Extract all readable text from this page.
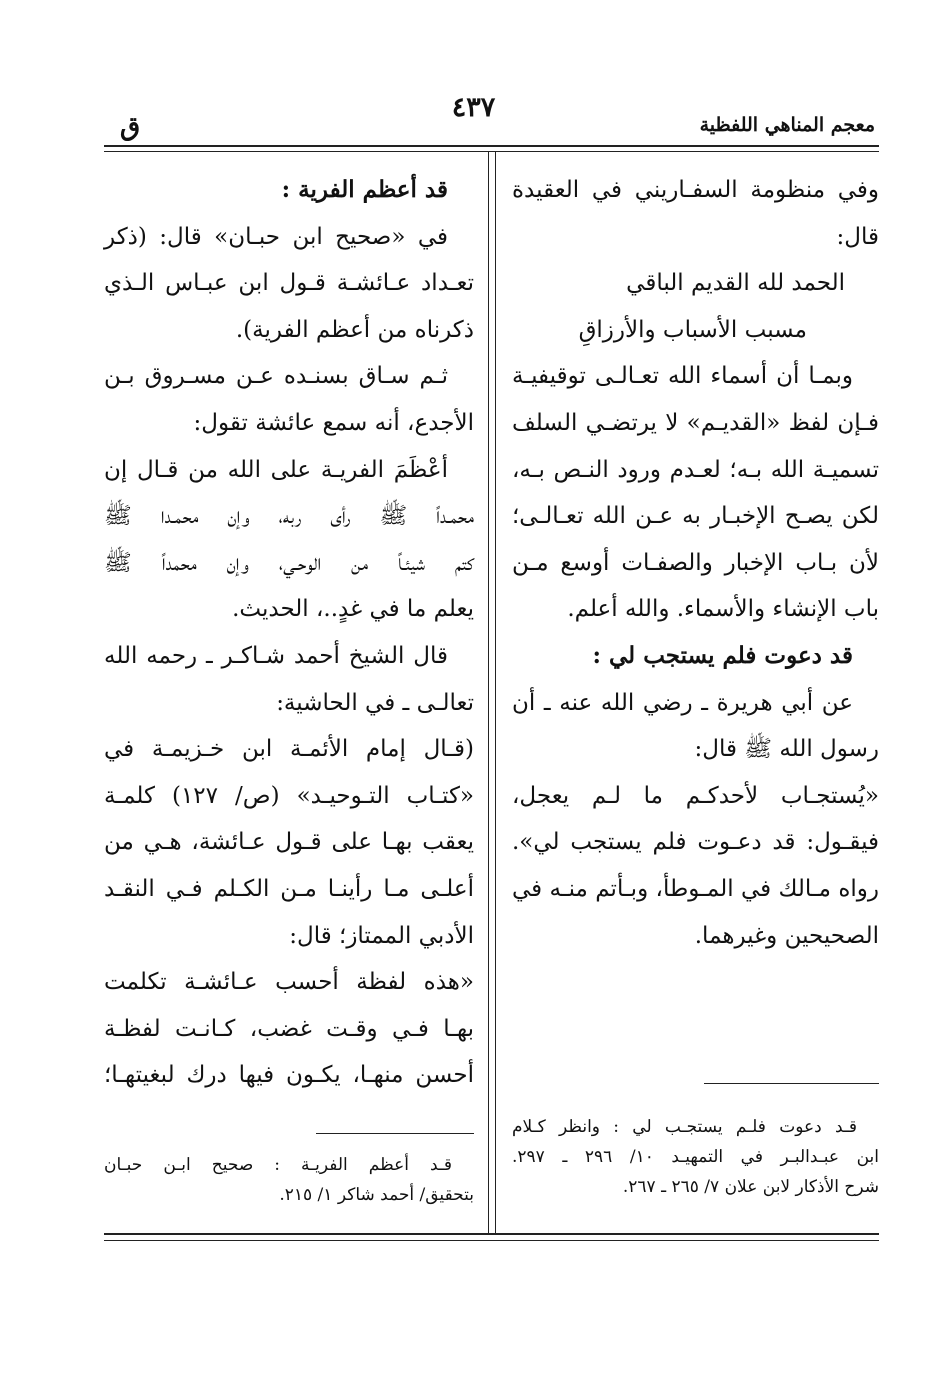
٤٣٧
معجم المناهي اللفظية
ق
وفي منظومة السفـاريني في العقيدة
قال:
الحمد لله القديم الباقي
مسبب الأسباب والأرزاقِ
وبمـا أن أسماء الله تعـالـى توقيفيـة
فـإن لفظ «القديـم» لا يرتضـي السلف
تسميـة الله بـه؛ لعـدم ورود النـص بـه،
لكن يصـح الإخبـار به عـن الله تعـالـى؛
لأن بـاب الإخبار والصفـات أوسع مـن
باب الإنشاء والأسماء. والله أعلم.
قد دعوت فلم يستجب لي :
عن أبي هريرة ـ رضي الله عنه ـ أن
رسول الله ﷺ قال:
«يُستجـاب لأحدكـم ما لـم يعجل،
فيقـول: قد دعـوت فلم يستجب لي».
رواه مـالك في المـوطأ، وبـأتم منـه في
الصحيحين وغيرهما.
قد أعظم الفرية :
في «صحيح ابن حبـان» قال: (ذكر
تعـداد عـائشـة قـول ابن عبـاس الـذي
ذكرناه من أعظم الفرية).
ثـم سـاق بسنـده عـن مسـروق بـن
الأجدع، أنه سمع عائشة تقول:
أعْظَمَ الفريـة على الله من قـال إن
محمـداً ﷺ رأى ربه، وإن محمـدا ﷺ
كتم شيئـاً من الوحـي، وإن محمداً ﷺ
يعلم ما في غدٍ..، الحديث.
قال الشيخ أحمد شـاكـر ـ رحمه الله
تعالـى ـ في الحاشية:
(قـال إمام الأئمـة ابن خـزيمـة في
«كتـاب التـوحيـد» (ص/ ١٢٧) كلمـة
يعقب بهـا على قـول عـائشة، هـي من
أعلـى مـا رأينـا مـن الكـلم فـي النقـد
الأدبي الممتاز؛ قال:
«هذه لفظة أحسب عـائشـة تكلمت
بهـا فـي وقـت غضب، كـانـت لفظـة
أحسن منهـا، يكـون فيها درك لبغيتهـا؛
قـد دعوت فلـم يستجـب لي : وانظر كـلام
ابن عبـدالبـر في التمهيـد ١٠/ ٢٩٦ ـ ٢٩٧.
شرح الأذكار لابن علان ٧/ ٢٦٥ ـ ٢٦٧.
قـد أعظم الفريـة : صحيح ابـن حبـان
بتحقيق/ أحمد شاكر ١/ ٢١٥.
